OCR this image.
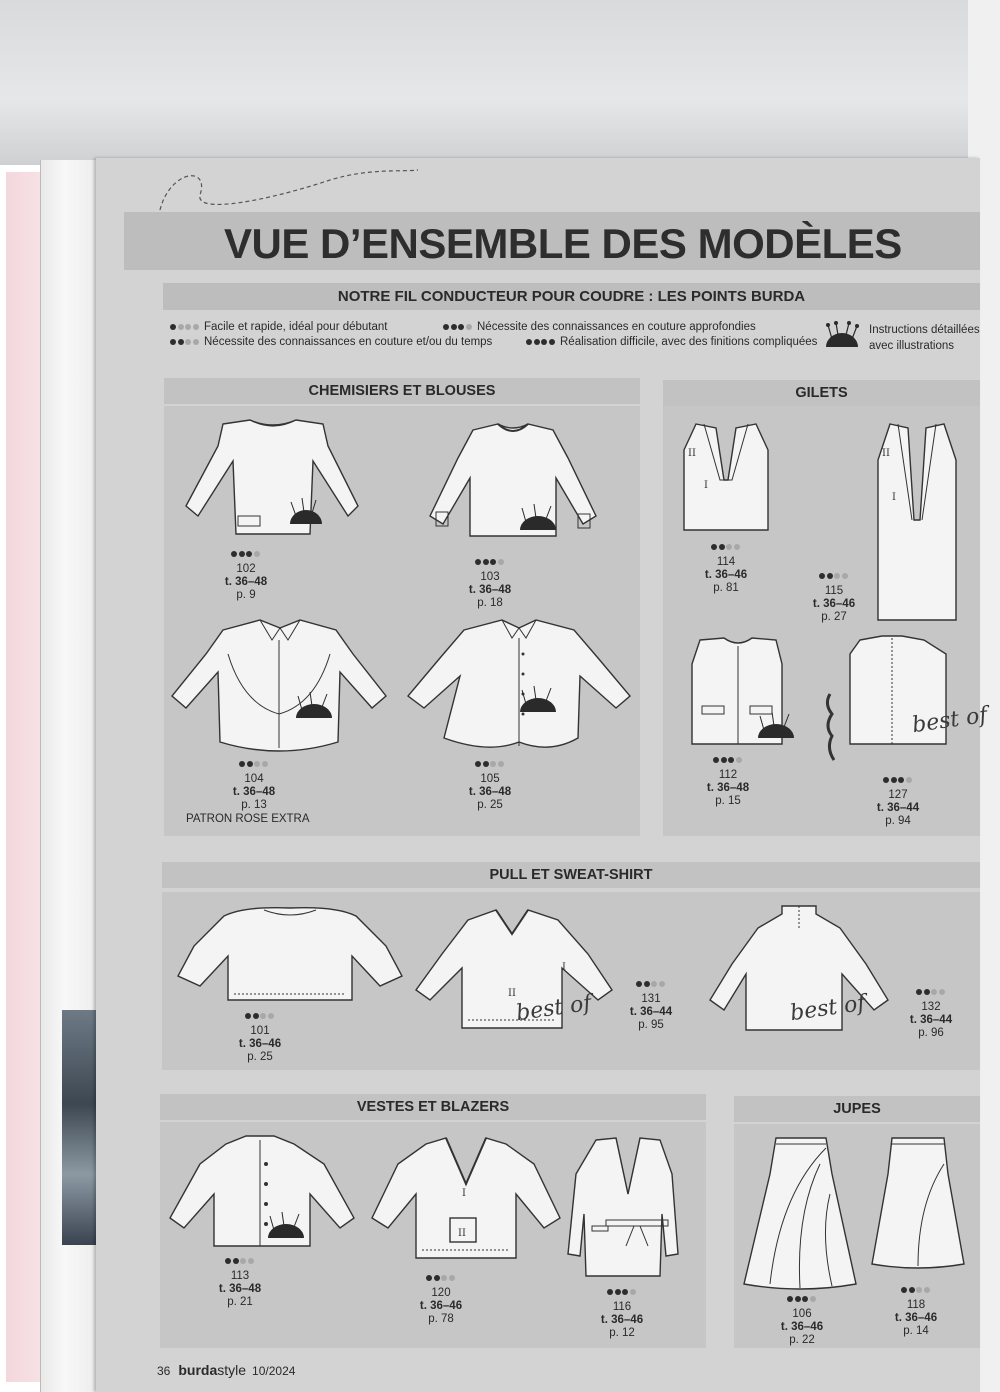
VUE D’ENSEMBLE DES MODÈLES
NOTRE FIL CONDUCTEUR POUR COUDRE : LES POINTS BURDA
Facile et rapide, idéal pour débutant
Nécessite des connaissances en couture et/ou du temps
Nécessite des connaissances en couture approfondies
Réalisation difficile, avec des finitions compliquées
Instructions détaillées
avec illustrations
CHEMISIERS ET BLOUSES
102
t. 36–48
p. 9
103
t. 36–48
p. 18
104
t. 36–48
p. 13
PATRON ROSE EXTRA
105
t. 36–48
p. 25
GILETS
II
I
114
t. 36–46
p. 81
II
I
115
t. 36–46
p. 27
112
t. 36–48
p. 15
best of
127
t. 36–44
p. 94
PULL ET SWEAT-SHIRT
101
t. 36–46
p. 25
I
II
best of	131
t. 36–44
p. 95	best of	132
t. 36–44
p. 96
VESTES ET BLAZERS
113
t. 36–48
p. 21
I
II
120
t. 36–46
p. 78
116
t. 36–46
p. 12
JUPES
106
t. 36–46
p. 22
118
t. 36–46
p. 14
36 burdastyle 10/2024
